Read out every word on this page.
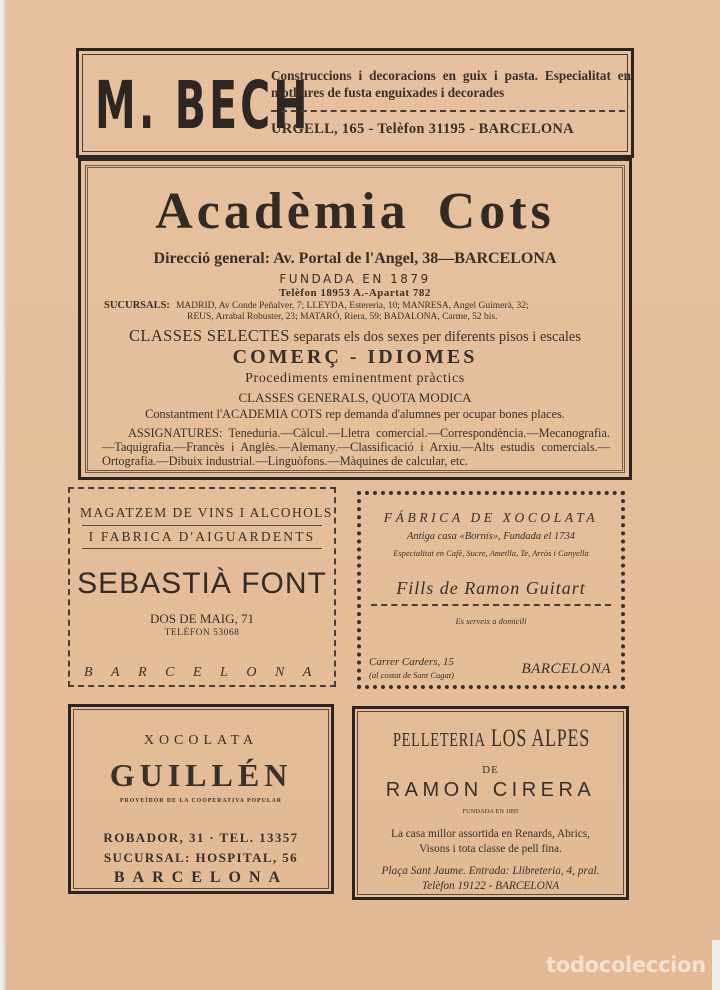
M. BECH
Construccions i decoracions en guix i pasta. Especialitat en motllures de fusta enguixades i decorades
URGELL, 165 - Telèfon 31195 - BARCELONA
Acadèmia Cots
Direcció general: Av. Portal de l'Angel, 38—BARCELONA
FUNDADA EN 1879
Telèfon 18953 A.-Apartat 782
SUCURSALS: MADRID, Av Conde Peñalver, 7; LLEYDA, Estereria, 10; MANRESA, Angel Guimerà, 32;
REUS, Arrabal Robuster, 23; MATARÓ, Riera, 59; BADALONA, Carme, 52 bis.
CLASSES SELECTES separats els dos sexes per diferents pisos i escales
COMERÇ - IDIOMES
Procediments eminentment pràctics
CLASSES GENERALS, QUOTA MODICA
Constantment l'ACADEMIA COTS rep demanda d'alumnes per ocupar bones places.
ASSIGNATURES: Teneduria.—Càlcul.—Lletra comercial.—Correspondència.—Mecanografia.—Taquigrafia.—Francès i Anglès.—Alemany.—Classificació i Arxiu.—Alts estudis comercials.—Ortografia.—Dibuix industrial.—Linguòfons.—Màquines de calcular, etc.
MAGATZEM DE VINS I ALCOHOLS
I FABRICA D'AIGUARDENTS
SEBASTIÀ FONT
DOS DE MAIG, 71
TELÉFON 53068
BARCELONA
FÁBRICA DE XOCOLATA
Antiga casa «Bornís», Fundada el 1734
Especialitat en Cafè, Sucre, Ametlla, Te, Arròs i Canyella
Fills de Ramon Guitart
Es serveix a domicili
Carrer Carders, 15
(al costat de Sant Cugat)	BARCELONA
XOCOLATA
GUILLÉN
PROVEÏDOR DE LA COOPERATIVA POPULAR
ROBADOR, 31 · TEL. 13357
SUCURSAL: HOSPITAL, 56
BARCELONA
PELLETERIA LOS ALPES
DE
RAMON CIRERA
FUNDADA EN 1895
La casa millor assortida en Renards, Abrics,
Visons i tota classe de pell fina.
Plaça Sant Jaume. Entrada: Llibreteria, 4, pral.
Telèfon 19122 - BARCELONA
todocoleccion
